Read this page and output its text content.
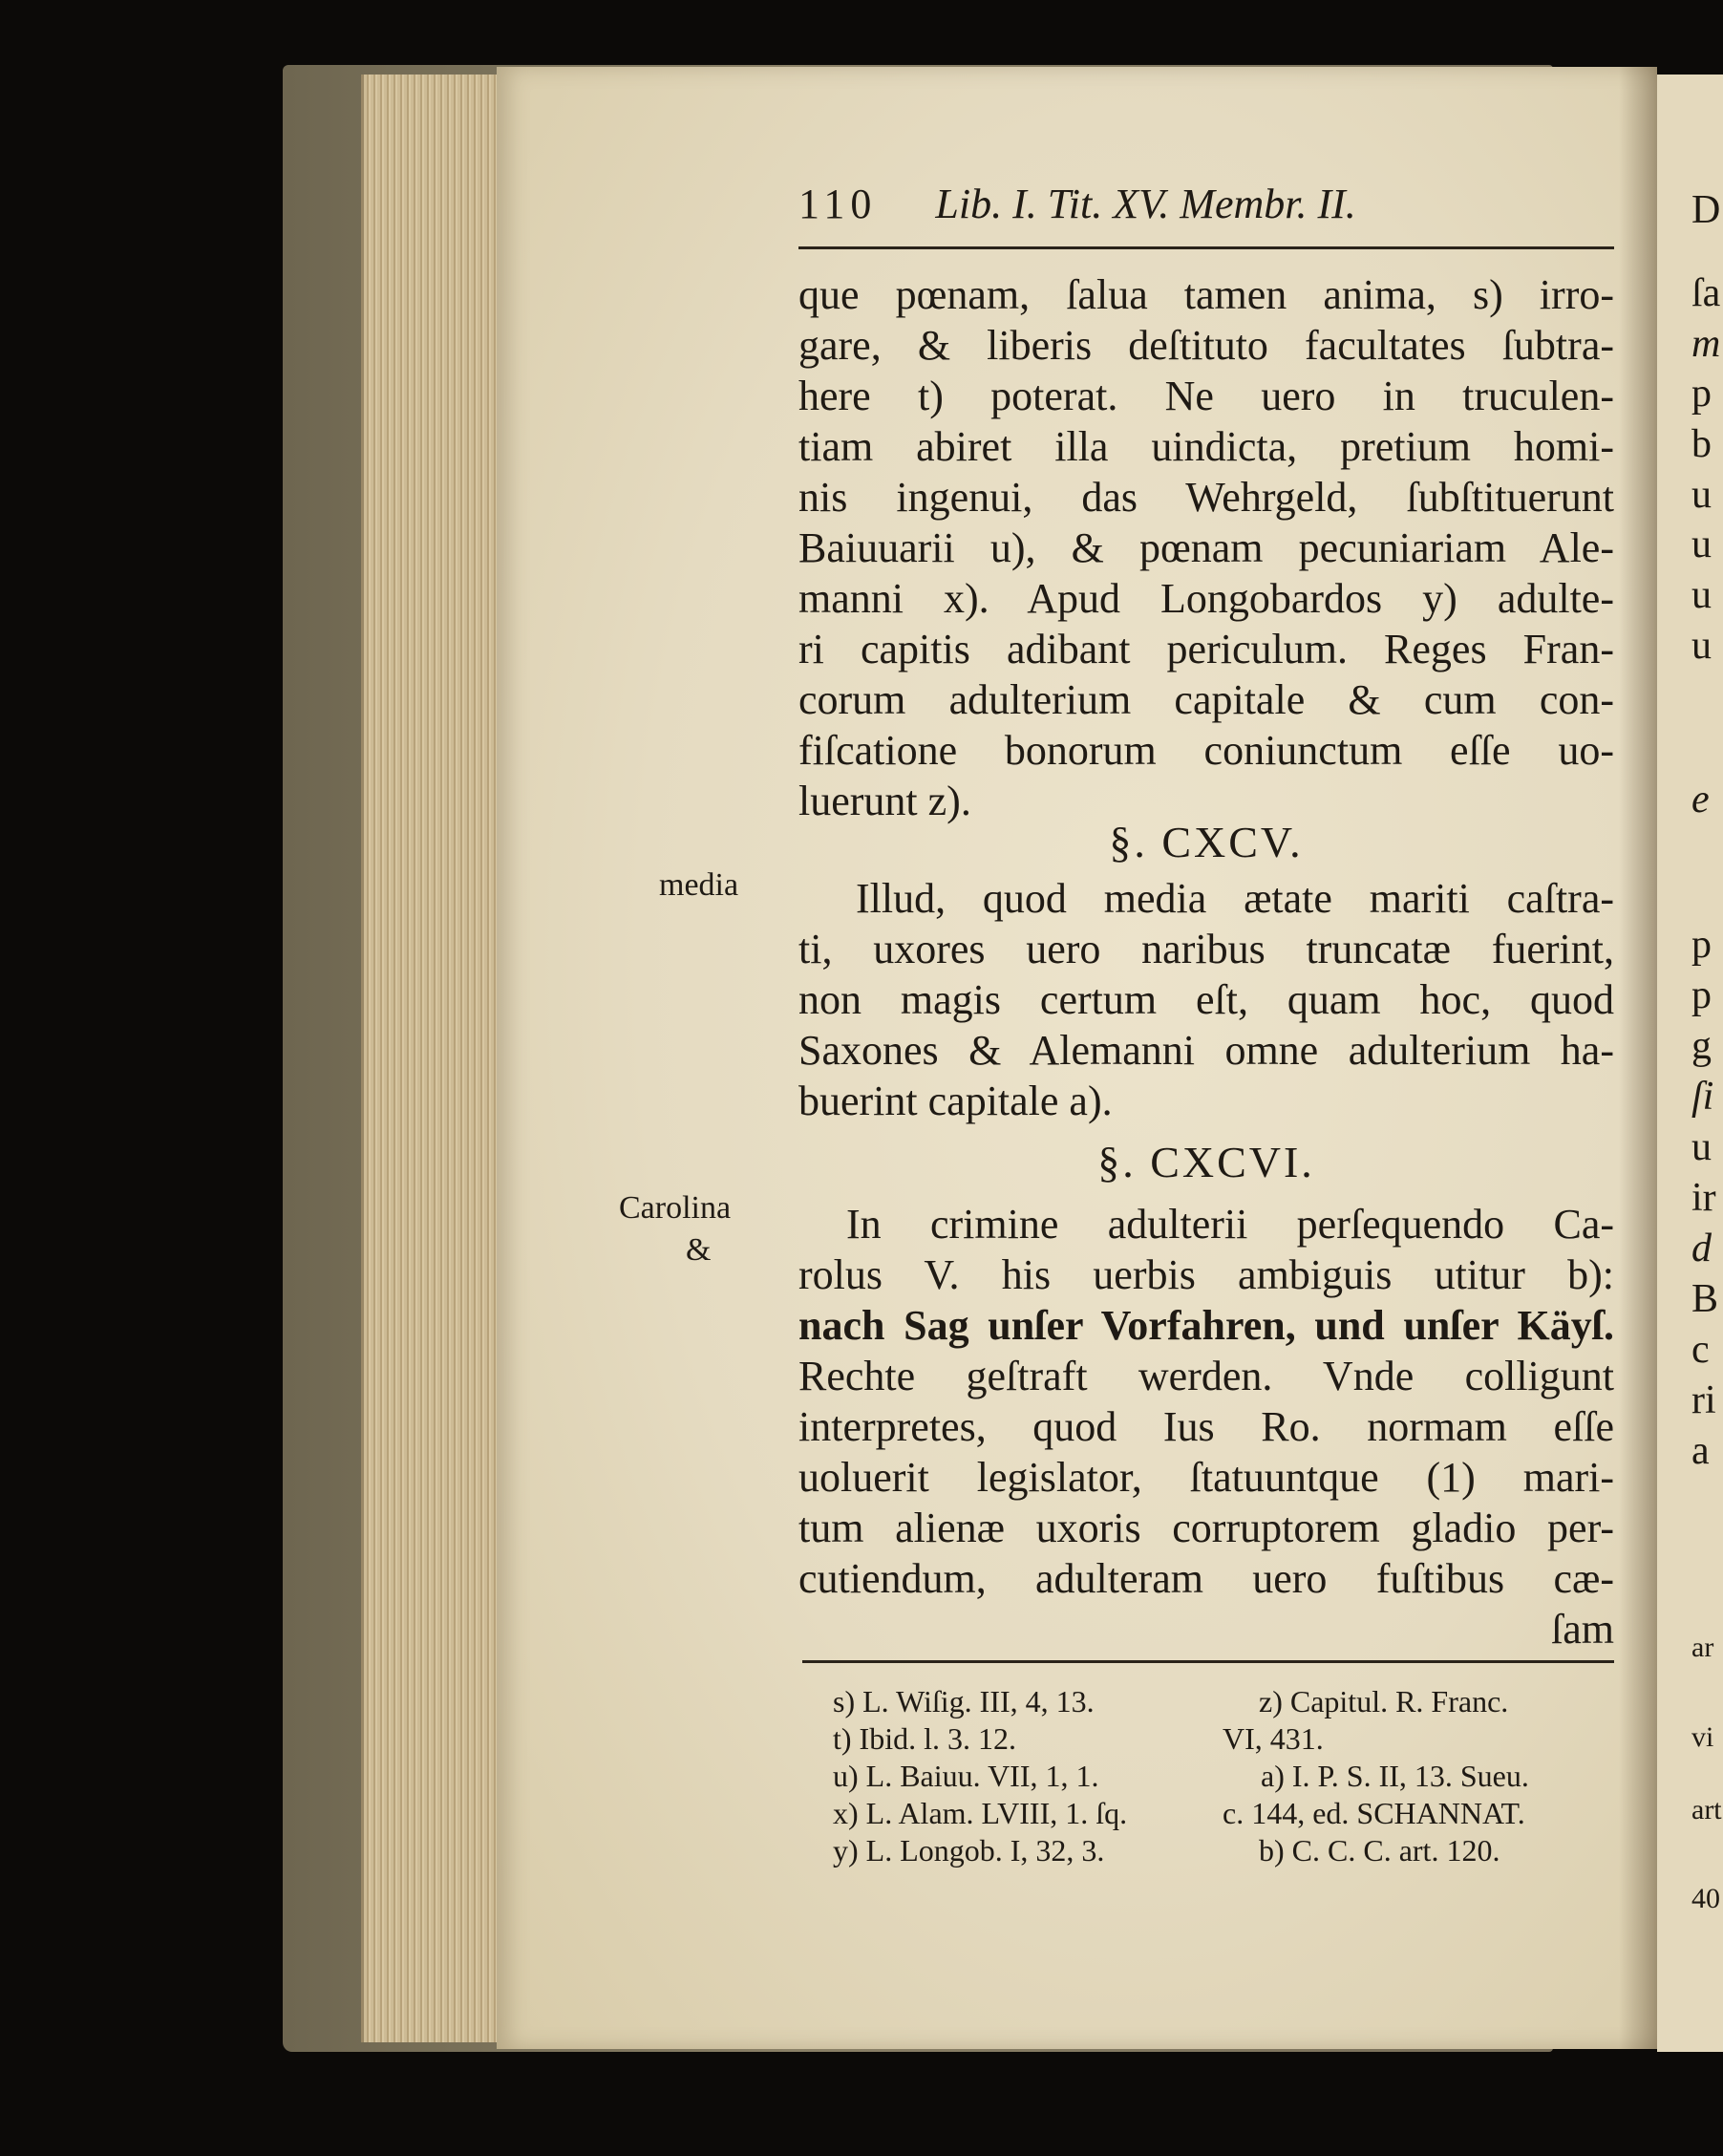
D
ſa
m
p
b
u
u
u
u
e
p
p
g
ſi
u
ir
d
B
c
ri
a
ar
vi
art
40
110 Lib. I. Tit. XV. Membr. II.
que pœnam, ſalua tamen anima, s) irro-
gare, & liberis deſtituto facultates ſubtra-
here t) poterat. Ne uero in truculen-
tiam abiret illa uindicta, pretium homi-
nis ingenui, das Wehrgeld, ſubſtituerunt
Baiuuarii u), & pœnam pecuniariam Ale-
manni x). Apud Longobardos y) adulte-
ri capitis adibant periculum. Reges Fran-
corum adulterium capitale & cum con-
fiſcatione bonorum coniunctum eſſe uo-
luerunt z).
§. CXCV.
Illud, quod media ætate mariti caſtra-
ti, uxores uero naribus truncatæ fuerint,
non magis certum eſt, quam hoc, quod
Saxones & Alemanni omne adulterium ha-
buerint capitale a).
§. CXCVI.
In crimine adulterii perſequendo Ca-
rolus V. his uerbis ambiguis utitur b):
nach Sag unſer Vorfahren, und unſer Käyſ.
Rechte geſtraft werden. Vnde colligunt
interpretes, quod Ius Ro. normam eſſe
uoluerit legislator, ſtatuuntque (1) mari-
tum alienæ uxoris corruptorem gladio per-
cutiendum, adulteram uero fuſtibus cæ-
ſam
media
Carolina
&
s) L. Wiſig. III, 4, 13.
t) Ibid. l. 3. 12.
u) L. Baiuu. VII, 1, 1.
x) L. Alam. LVIII, 1. ſq.
y) L. Longob. I, 32, 3.
z) Capitul. R. Franc.
VI, 431.
a) I. P. S. II, 13. Sueu.
c. 144, ed. SCHANNAT.
b) C. C. C. art. 120.
